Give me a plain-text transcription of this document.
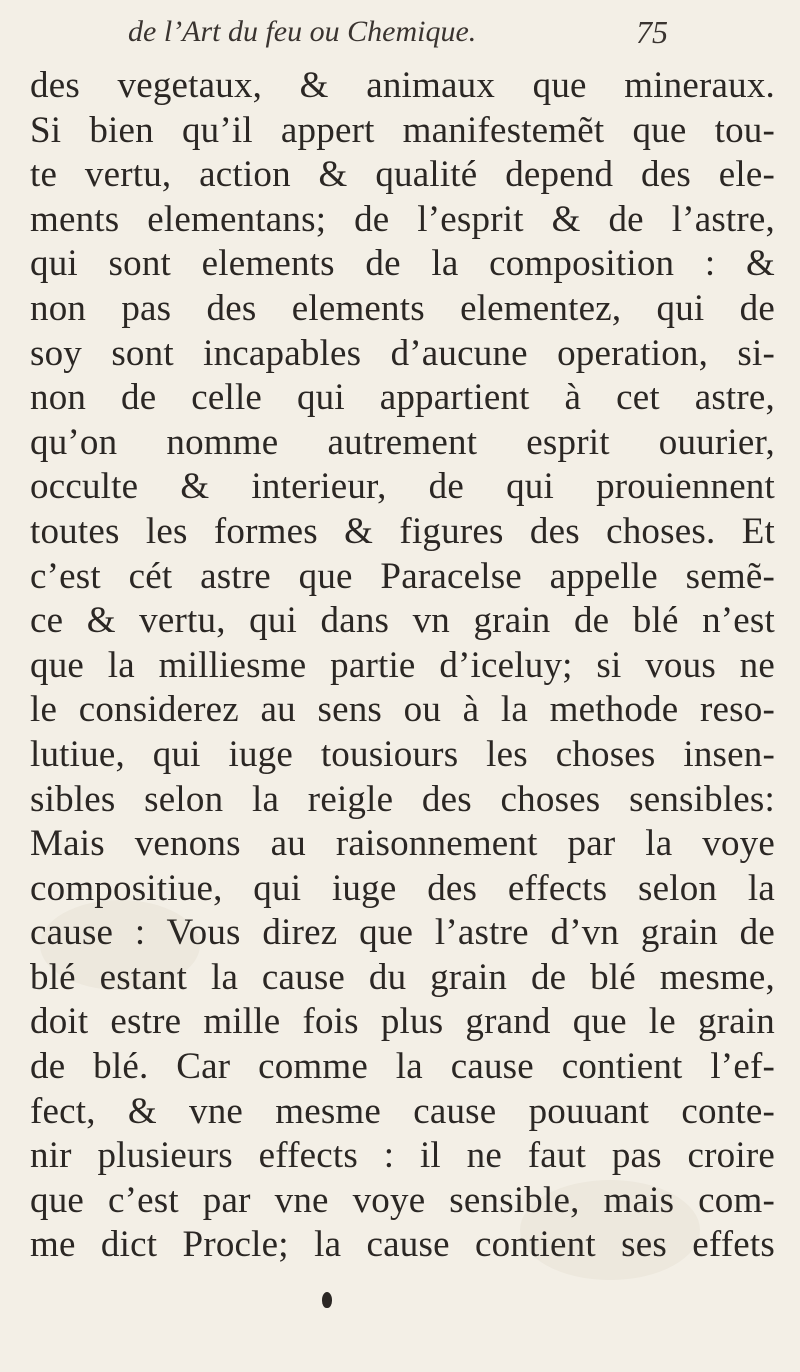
de l’Art du feu ou Chemique.	75
des vegetaux, & animaux que mineraux.
Si bien qu’il appert manifestemẽt que tou-
te vertu, action & qualité depend des ele-
ments elementans; de l’esprit & de l’astre,
qui sont elements de la composition : &
non pas des elements elementez, qui de
soy sont incapables d’aucune operation, si-
non de celle qui appartient à cet astre,
qu’on nomme autrement esprit ouurier,
occulte & interieur, de qui prouiennent
toutes les formes & figures des choses. Et
c’est cét astre que Paracelse appelle semẽ-
ce & vertu, qui dans vn grain de blé n’est
que la milliesme partie d’iceluy; si vous ne
le considerez au sens ou à la methode reso-
lutiue, qui iuge tousiours les choses insen-
sibles selon la reigle des choses sensibles:
Mais venons au raisonnement par la voye
compositiue, qui iuge des effects selon la
cause : Vous direz que l’astre d’vn grain de
blé estant la cause du grain de blé mesme,
doit estre mille fois plus grand que le grain
de blé. Car comme la cause contient l’ef-
fect, & vne mesme cause pouuant conte-
nir plusieurs effects : il ne faut pas croire
que c’est par vne voye sensible, mais com-
me dict Procle; la cause contient ses effets
